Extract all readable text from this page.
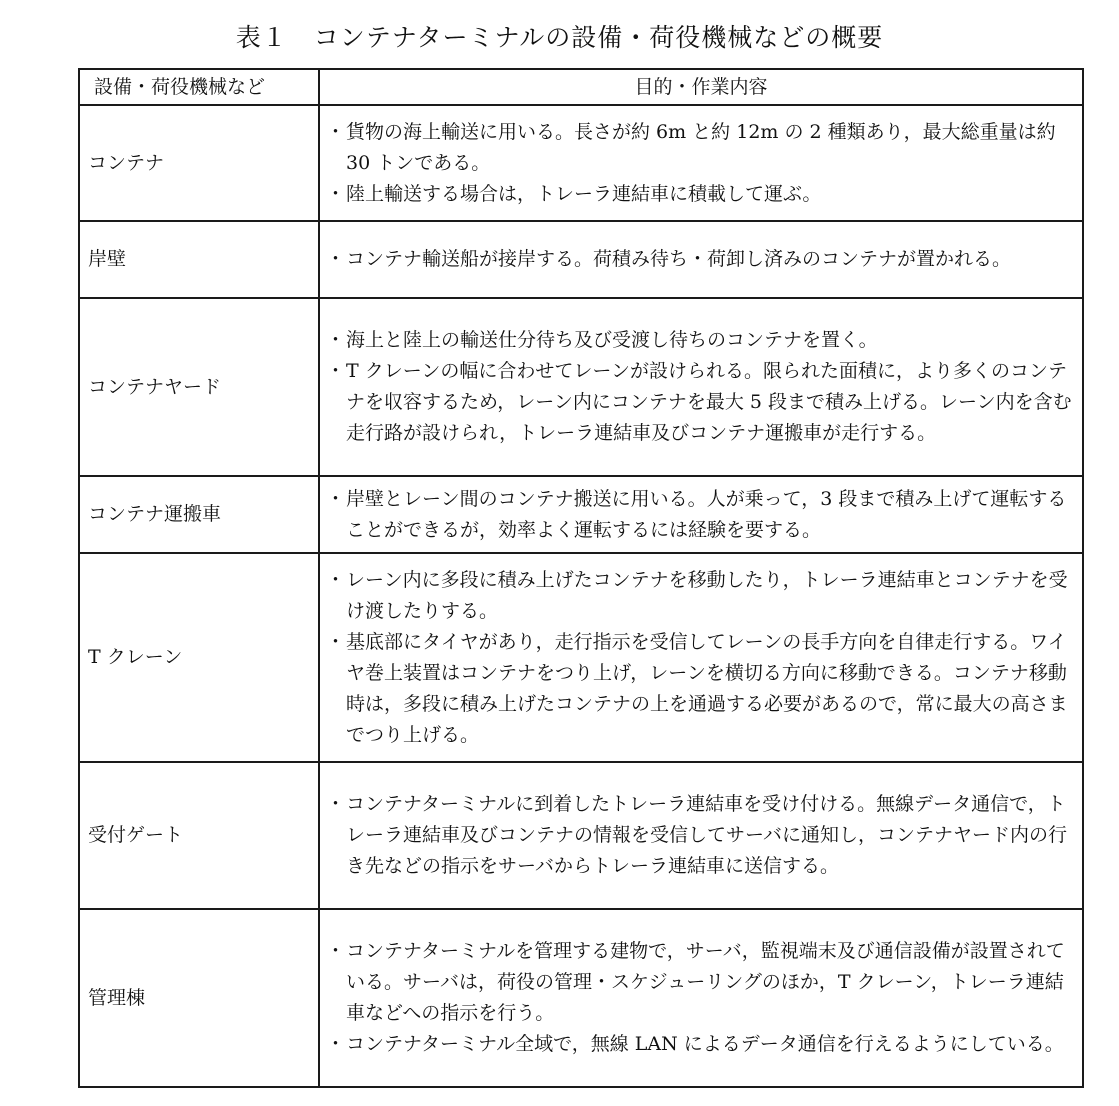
表１　コンテナターミナルの設備・荷役機械などの概要
設備・荷役機械など	目的・作業内容
コンテナ	・ 貨物の海上輸送に用いる。長さが約 6m と約 12m の 2 種類あり，最大総重量は約 30 トンである。
・ 陸上輸送する場合は，トレーラ連結車に積載して運ぶ。

岸壁	・ コンテナ輸送船が接岸する。荷積み待ち・荷卸し済みのコンテナが置かれる。

コンテナヤード	・ 海上と陸上の輸送仕分待ち及び受渡し待ちのコンテナを置く。
・ T クレーンの幅に合わせてレーンが設けられる。限られた面積に，より多くのコンテナを収容するため，レーン内にコンテナを最大 5 段まで積み上げる。レーン内を含む走行路が設けられ，トレーラ連結車及びコンテナ運搬車が走行する。

コンテナ運搬車	・ 岸壁とレーン間のコンテナ搬送に用いる。人が乗って，3 段まで積み上げて運転することができるが，効率よく運転するには経験を要する。

T クレーン	・ レーン内に多段に積み上げたコンテナを移動したり，トレーラ連結車とコンテナを受け渡したりする。
・ 基底部にタイヤがあり，走行指示を受信してレーンの長手方向を自律走行する。ワイヤ巻上装置はコンテナをつり上げ，レーンを横切る方向に移動できる。コンテナ移動時は，多段に積み上げたコンテナの上を通過する必要があるので，常に最大の高さまでつり上げる。

受付ゲート	・ コンテナターミナルに到着したトレーラ連結車を受け付ける。無線データ通信で，トレーラ連結車及びコンテナの情報を受信してサーバに通知し，コンテナヤード内の行き先などの指示をサーバからトレーラ連結車に送信する。

管理棟	・ コンテナターミナルを管理する建物で，サーバ，監視端末及び通信設備が設置されている。サーバは，荷役の管理・スケジューリングのほか，T クレーン，トレーラ連結車などへの指示を行う。
・ コンテナターミナル全域で，無線 LAN によるデータ通信を行えるようにしている。
